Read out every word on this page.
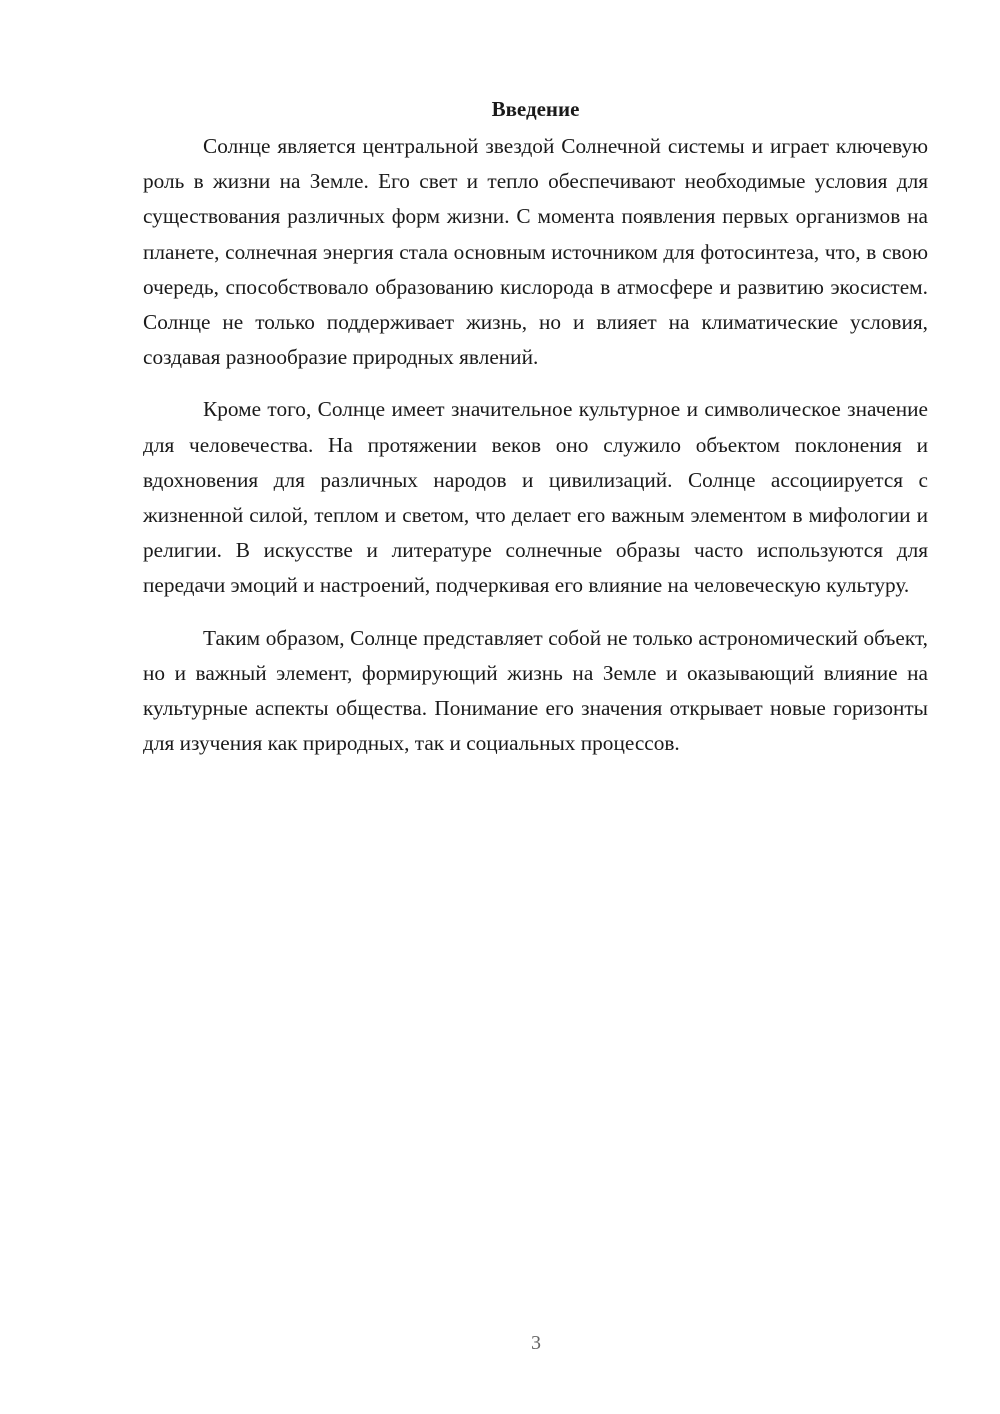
Введение

Солнце является центральной звездой Солнечной системы и играет ключевую роль в жизни на Земле. Его свет и тепло обеспечивают необходимые условия для существования различных форм жизни. С момента появления первых организмов на планете, солнечная энергия стала основным источником для фотосинтеза, что, в свою очередь, способствовало образованию кислорода в атмосфере и развитию экосистем. Солнце не только поддерживает жизнь, но и влияет на климатические условия, создавая разнообразие природных явлений.

Кроме того, Солнце имеет значительное культурное и символическое значение для человечества. На протяжении веков оно служило объектом поклонения и вдохновения для различных народов и цивилизаций. Солнце ассоциируется с жизненной силой, теплом и светом, что делает его важным элементом в мифологии и религии. В искусстве и литературе солнечные образы часто используются для передачи эмоций и настроений, подчеркивая его влияние на человеческую культуру.

Таким образом, Солнце представляет собой не только астрономический объект, но и важный элемент, формирующий жизнь на Земле и оказывающий влияние на культурные аспекты общества. Понимание его значения открывает новые горизонты для изучения как природных, так и социальных процессов.

3
